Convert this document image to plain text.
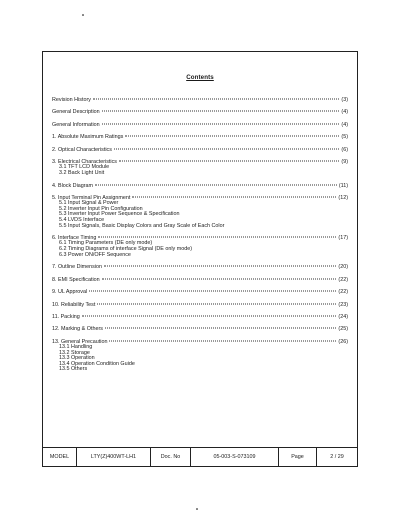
Contents
Revision History	(3)
General Description	(4)
General Information	(4)
1. Absolute Maximum Ratings	(5)
2. Optical Characteristics	(6)
3. Electrical Characteristics	(9)
3.1 TFT LCD Module
3.2 Back Light Unit
4. Block Diagram	(11)
5. Input Terminal Pin Assignment	(12)
5.1 Input Signal & Power
5.2 Inverter Input Pin Configuration
5.3 Inverter Input Power Sequence & Specification
5.4 LVDS Interface
5.5 Input Signals, Basic Display Colors and Gray Scale of Each Color
6. Interface Timing	(17)
6.1 Timing Parameters (DE only mode)
6.2 Timing Diagrams of interface Signal (DE only mode)
6.3 Power ON/OFF Sequence
7. Outline Dimension	(20)
8. EMI Specification	(22)
9. UL Approval	(22)
10. Reliability Test	(23)
11. Packing	(24)
12. Marking & Others	(25)
13. General Precaution	(26)
13.1 Handling
13.2 Storage
13.3 Operation
13.4 Operation Condition Guide
13.5 Others
MODEL	LTY(Z)400WT-LH1	Doc. No	05-003-S-073109	Page	2 / 29
